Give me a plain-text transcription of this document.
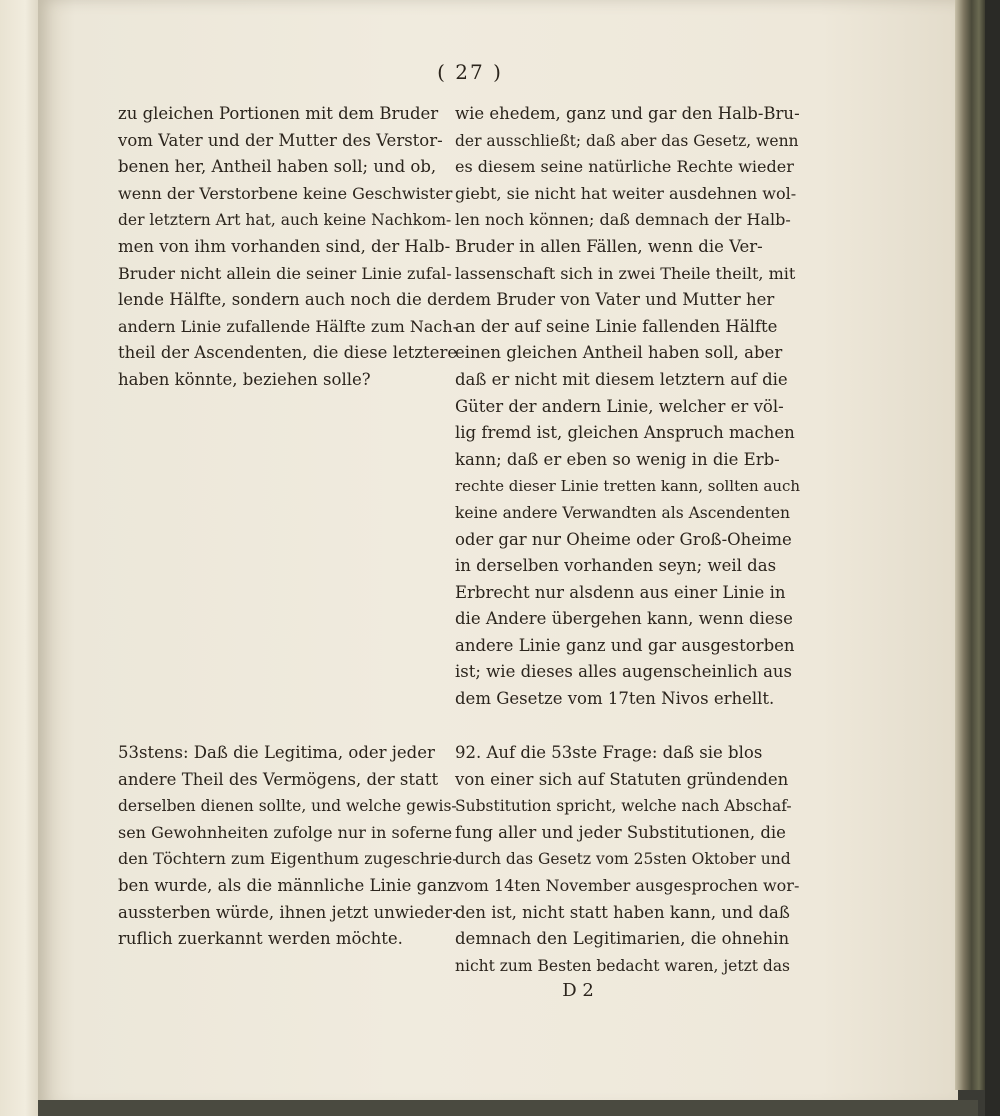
( 27 )
zu gleichen Portionen mit dem Bruder
vom Vater und der Mutter des Verstor-
benen her, Antheil haben soll; und ob,
wenn der Verstorbene keine Geschwister
der letztern Art hat, auch keine Nachkom-
men von ihm vorhanden sind, der Halb-
Bruder nicht allein die seiner Linie zufal-
lende Hälfte, sondern auch noch die der
andern Linie zufallende Hälfte zum Nach-
theil der Ascendenten, die diese letztere
haben könnte, beziehen solle?
wie ehedem, ganz und gar den Halb-Bru-
der ausschließt; daß aber das Gesetz, wenn
es diesem seine natürliche Rechte wieder
giebt, sie nicht hat weiter ausdehnen wol-
len noch können; daß demnach der Halb-
Bruder in allen Fällen, wenn die Ver-
lassenschaft sich in zwei Theile theilt, mit
dem Bruder von Vater und Mutter her
an der auf seine Linie fallenden Hälfte
einen gleichen Antheil haben soll, aber
daß er nicht mit diesem letztern auf die
Güter der andern Linie, welcher er völ-
lig fremd ist, gleichen Anspruch machen
kann; daß er eben so wenig in die Erb-
rechte dieser Linie tretten kann, sollten auch
keine andere Verwandten als Ascendenten
oder gar nur Oheime oder Groß-Oheime
in derselben vorhanden seyn; weil das
Erbrecht nur alsdenn aus einer Linie in
die Andere übergehen kann, wenn diese
andere Linie ganz und gar ausgestorben
ist; wie dieses alles augenscheinlich aus
dem Gesetze vom 17ten Nivos erhellt.
53stens: Daß die Legitima, oder jeder
andere Theil des Vermögens, der statt
derselben dienen sollte, und welche gewis-
sen Gewohnheiten zufolge nur in soferne
den Töchtern zum Eigenthum zugeschrie-
ben wurde, als die männliche Linie ganz
aussterben würde, ihnen jetzt unwieder-
ruflich zuerkannt werden möchte.
92. Auf die 53ste Frage: daß sie blos
von einer sich auf Statuten gründenden
Substitution spricht, welche nach Abschaf-
fung aller und jeder Substitutionen, die
durch das Gesetz vom 25sten Oktober und
vom 14ten November ausgesprochen wor-
den ist, nicht statt haben kann, und daß
demnach den Legitimarien, die ohnehin
nicht zum Besten bedacht waren, jetzt das
D 2
